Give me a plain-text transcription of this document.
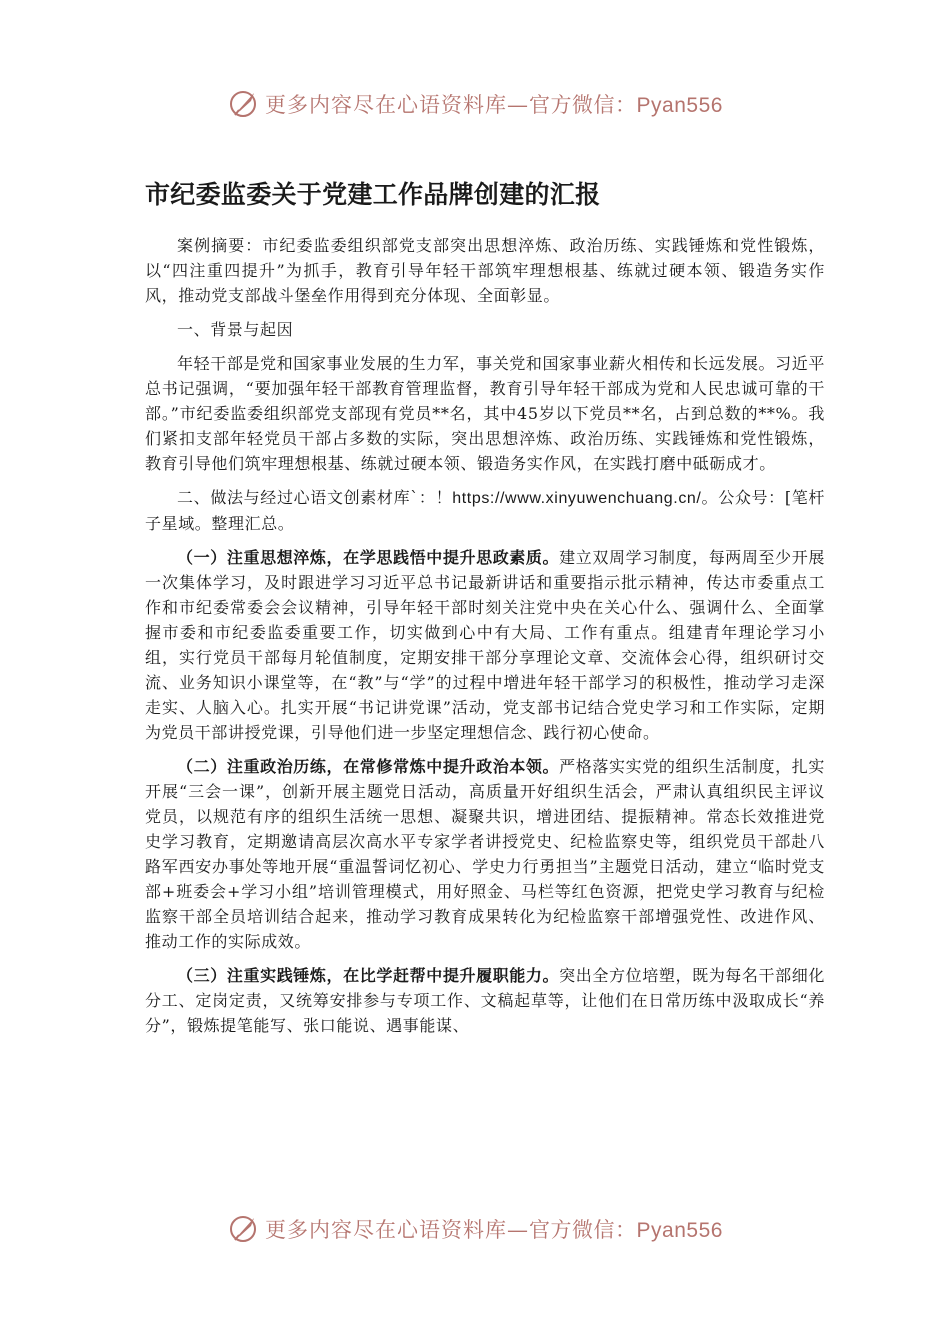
更多内容尽在心语资料库—官方微信：Pyan556
市纪委监委关于党建工作品牌创建的汇报

案例摘要：市纪委监委组织部党支部突出思想淬炼、政治历练、实践锤炼和党性锻炼，以“四注重四提升”为抓手，教育引导年轻干部筑牢理想根基、练就过硬本领、锻造务实作风，推动党支部战斗堡垒作用得到充分体现、全面彰显。

一、背景与起因

年轻干部是党和国家事业发展的生力军，事关党和国家事业薪火相传和长远发展。习近平总书记强调，“要加强年轻干部教育管理监督，教育引导年轻干部成为党和人民忠诚可靠的干部。”市纪委监委组织部党支部现有党员**名，其中45岁以下党员**名，占到总数的**%。我们紧扣支部年轻党员干部占多数的实际，突出思想淬炼、政治历练、实践锤炼和党性锻炼，教育引导他们筑牢理想根基、练就过硬本领、锻造务实作风，在实践打磨中砥砺成才。

二、做法与经过心语文创素材库`：！https://www.xinyuwenchuang.cn/。公众号：[笔杆子星域。整理汇总。

（一）注重思想淬炼，在学思践悟中提升思政素质。建立双周学习制度，每两周至少开展一次集体学习，及时跟进学习习近平总书记最新讲话和重要指示批示精神，传达市委重点工作和市纪委常委会会议精神，引导年轻干部时刻关注党中央在关心什么、强调什么、全面掌握市委和市纪委监委重要工作，切实做到心中有大局、工作有重点。组建青年理论学习小组，实行党员干部每月轮值制度，定期安排干部分享理论文章、交流体会心得，组织研讨交流、业务知识小课堂等，在“教”与“学”的过程中增进年轻干部学习的积极性，推动学习走深走实、人脑入心。扎实开展“书记讲党课”活动，党支部书记结合党史学习和工作实际，定期为党员干部讲授党课，引导他们进一步坚定理想信念、践行初心使命。

（二）注重政治历练，在常修常炼中提升政治本领。严格落实实党的组织生活制度，扎实开展“三会一课”，创新开展主题党日活动，高质量开好组织生活会，严肃认真组织民主评议党员，以规范有序的组织生活统一思想、凝聚共识，增进团结、提振精神。常态长效推进党史学习教育，定期邀请高层次高水平专家学者讲授党史、纪检监察史等，组织党员干部赴八路军西安办事处等地开展“重温誓词忆初心、学史力行勇担当”主题党日活动，建立“临时党支部+班委会+学习小组”培训管理模式，用好照金、马栏等红色资源，把党史学习教育与纪检监察干部全员培训结合起来，推动学习教育成果转化为纪检监察干部增强党性、改进作风、推动工作的实际成效。

（三）注重实践锤炼，在比学赶帮中提升履职能力。突出全方位培塑，既为每名干部细化分工、定岗定责，又统筹安排参与专项工作、文稿起草等，让他们在日常历练中汲取成长“养分”，锻炼提笔能写、张口能说、遇事能谋、

更多内容尽在心语资料库—官方微信：Pyan556
